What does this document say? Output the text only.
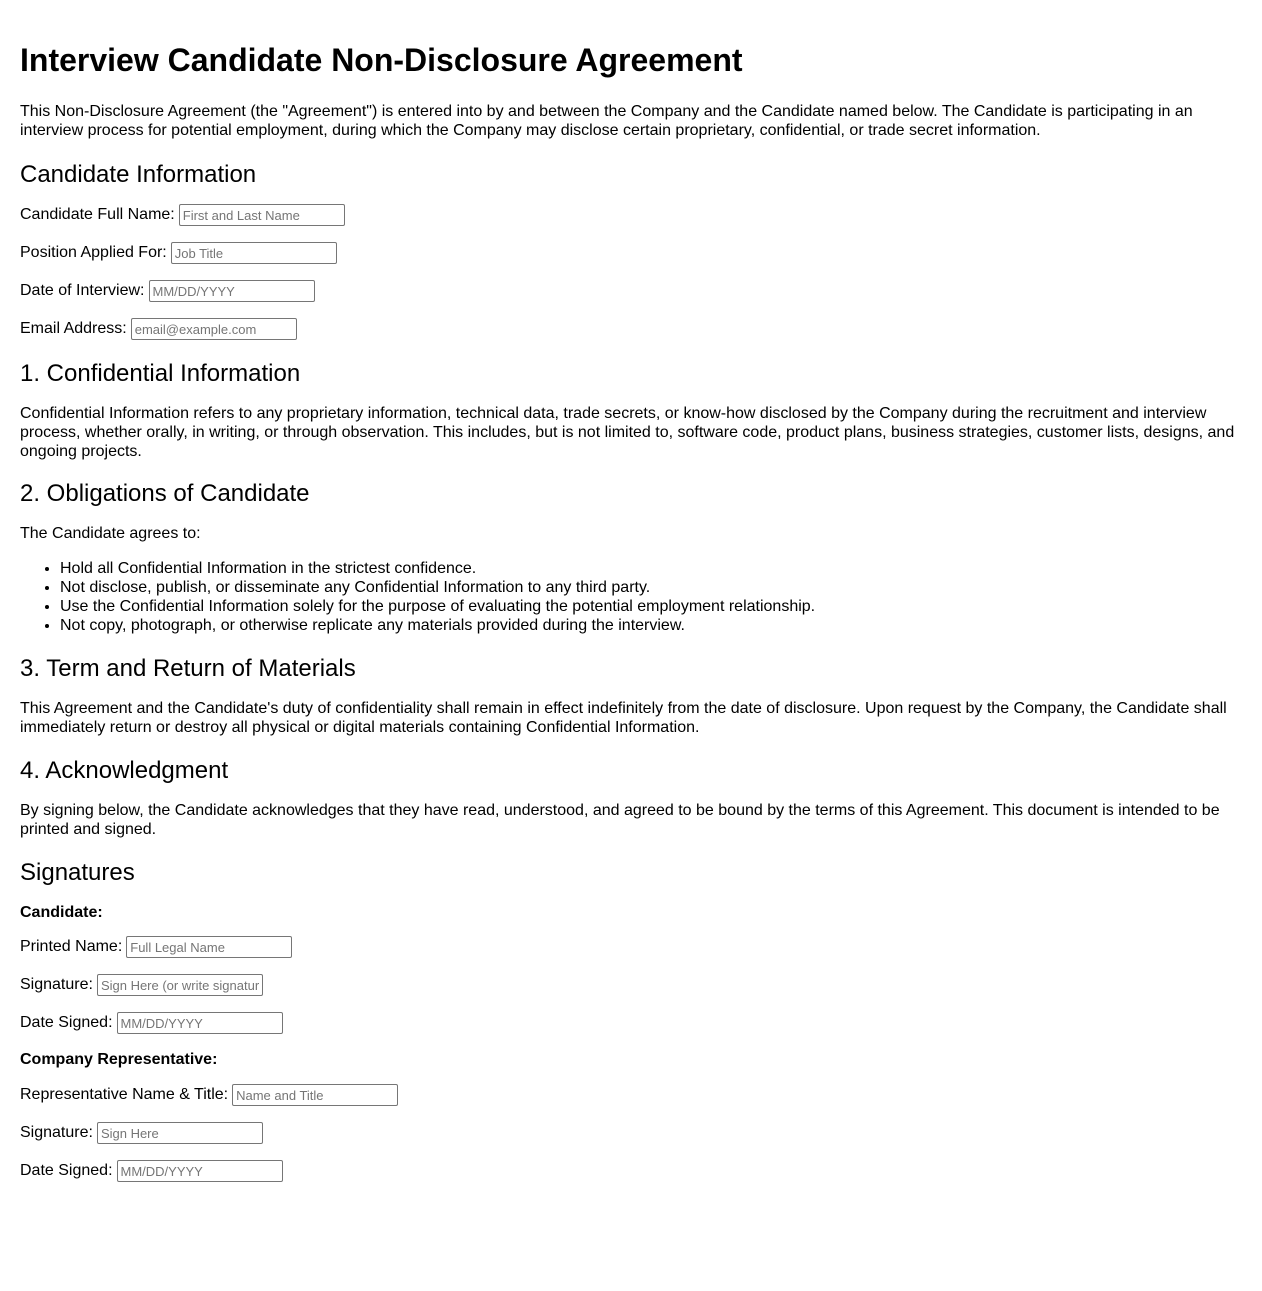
Interview Candidate Non-Disclosure Agreement

This Non-Disclosure Agreement (the "Agreement") is entered into by and between the Company and the Candidate named below. The Candidate is participating in an interview process for potential employment, during which the Company may disclose certain proprietary, confidential, or trade secret information.

Candidate Information
Candidate Full Name:
First and Last Name
Position Applied For:
Job Title
Date of Interview:
MM/DD/YYYY
Email Address:
email@example.com
1. Confidential Information

Confidential Information refers to any proprietary information, technical data, trade secrets, or know-how disclosed by the Company during the recruitment and interview process, whether orally, in writing, or through observation. This includes, but is not limited to, software code, product plans, business strategies, customer lists, designs, and ongoing projects.

2. Obligations of Candidate

The Candidate agrees to:

• Hold all Confidential Information in the strictest confidence.
• Not disclose, publish, or disseminate any Confidential Information to any third party.
• Use the Confidential Information solely for the purpose of evaluating the potential employment relationship.
• Not copy, photograph, or otherwise replicate any materials provided during the interview.
3. Term and Return of Materials

This Agreement and the Candidate's duty of confidentiality shall remain in effect indefinitely from the date of disclosure. Upon request by the Company, the Candidate shall immediately return or destroy all physical or digital materials containing Confidential Information.

4. Acknowledgment

By signing below, the Candidate acknowledges that they have read, understood, and agreed to be bound by the terms of this Agreement. This document is intended to be printed and signed.

Signatures

Candidate:

Printed Name:
Full Legal Name
Signature:
Sign Here (or write signature)
Date Signed:
MM/DD/YYYY

Company Representative:

Representative Name & Title:
Name and Title
Signature:
Sign Here
Date Signed:
MM/DD/YYYY
